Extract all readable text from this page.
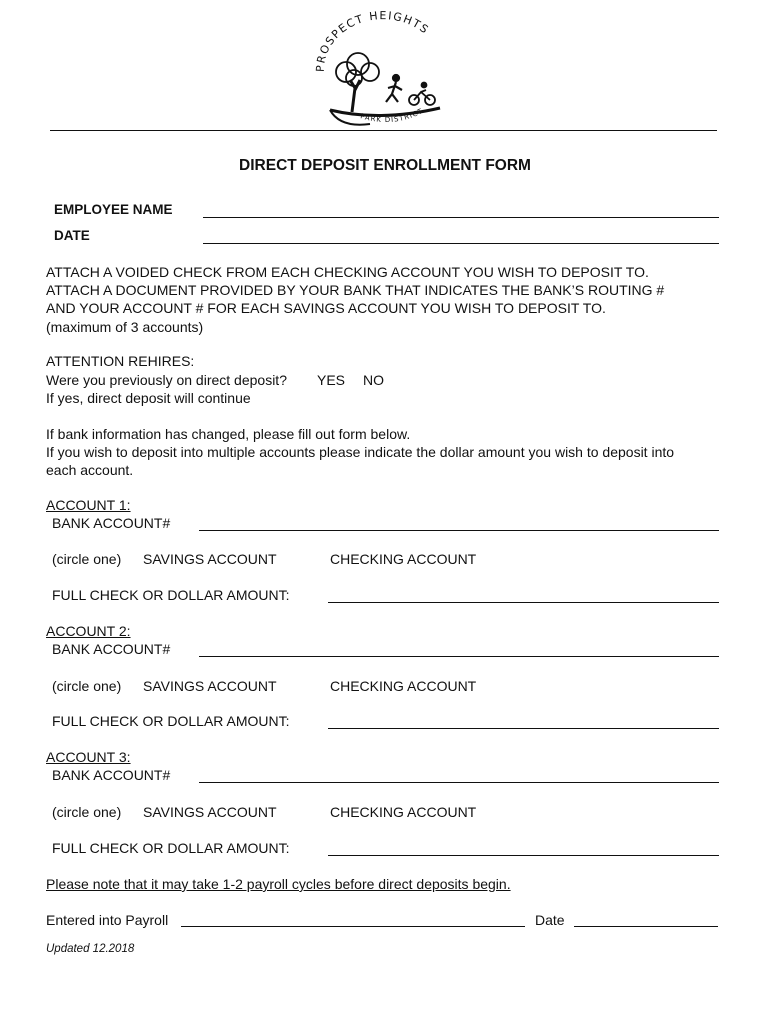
PROSPECT HEIGHTS
PARK DISTRICT
DIRECT DEPOSIT ENROLLMENT FORM
EMPLOYEE NAME
DATE
ATTACH A VOIDED CHECK FROM EACH CHECKING ACCOUNT YOU WISH TO DEPOSIT TO.
ATTACH A DOCUMENT PROVIDED BY YOUR BANK THAT INDICATES THE BANK’S ROUTING #
AND YOUR ACCOUNT # FOR EACH SAVINGS ACCOUNT YOU WISH TO DEPOSIT TO.
(maximum of 3 accounts)
ATTENTION REHIRES:
Were you previously on direct deposit? YES NO
If yes, direct deposit will continue
If bank information has changed, please fill out form below.
If you wish to deposit into multiple accounts please indicate the dollar amount you wish to deposit into
each account.
ACCOUNT 1:
BANK ACCOUNT#
(circle one) SAVINGS ACCOUNT	CHECKING ACCOUNT
FULL CHECK OR DOLLAR AMOUNT:
ACCOUNT 2:
BANK ACCOUNT#
(circle one) SAVINGS ACCOUNT	CHECKING ACCOUNT
FULL CHECK OR DOLLAR AMOUNT:
ACCOUNT 3:
BANK ACCOUNT#
(circle one) SAVINGS ACCOUNT	CHECKING ACCOUNT
FULL CHECK OR DOLLAR AMOUNT:
Please note that it may take 1-2 payroll cycles before direct deposits begin.
Entered into Payroll	Date
Updated 12.2018
